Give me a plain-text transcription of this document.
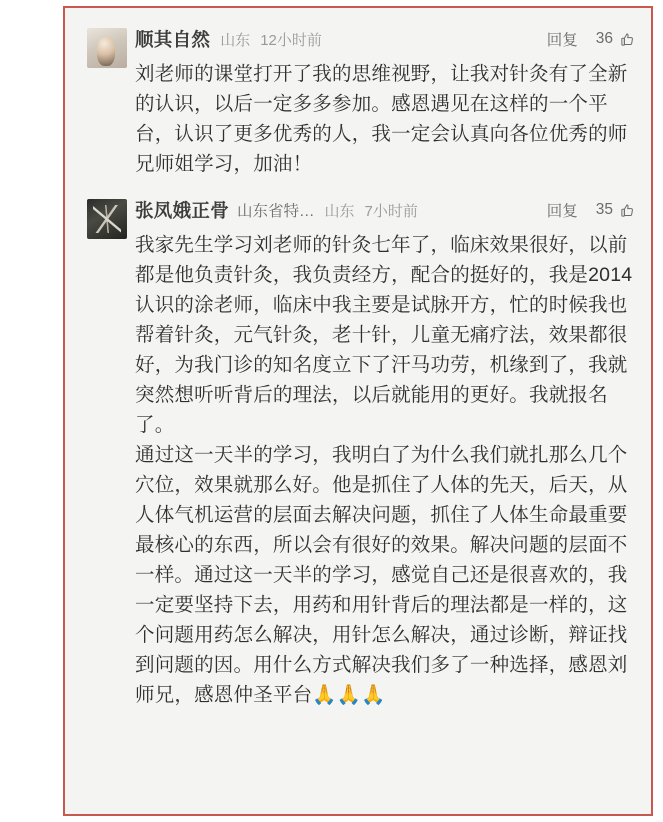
顺其自然 山东 12小时前	回复 36
刘老师的课堂打开了我的思维视野，让我对针灸有了全新的认识，以后一定多多参加。感恩遇见在这样的一个平台，认识了更多优秀的人，我一定会认真向各位优秀的师兄师姐学习，加油！
张凤娥正骨 山东省特… 山东 7小时前	回复 35
我家先生学习刘老师的针灸七年了，临床效果很好，以前都是他负责针灸，我负责经方，配合的挺好的，我是2014认识的涂老师，临床中我主要是试脉开方，忙的时候我也帮着针灸，元气针灸，老十针，儿童无痛疗法，效果都很好，为我门诊的知名度立下了汗马功劳，机缘到了，我就突然想听听背后的理法，以后就能用的更好。我就报名了。
通过这一天半的学习，我明白了为什么我们就扎那么几个穴位，效果就那么好。他是抓住了人体的先天，后天，从人体气机运营的层面去解决问题，抓住了人体生命最重要最核心的东西，所以会有很好的效果。解决问题的层面不一样。通过这一天半的学习，感觉自己还是很喜欢的，我一定要坚持下去，用药和用针背后的理法都是一样的，这个问题用药怎么解决，用针怎么解决，通过诊断，辩证找到问题的因。用什么方式解决我们多了一种选择，感恩刘师兄，感恩仲圣平台🙏🙏🙏
